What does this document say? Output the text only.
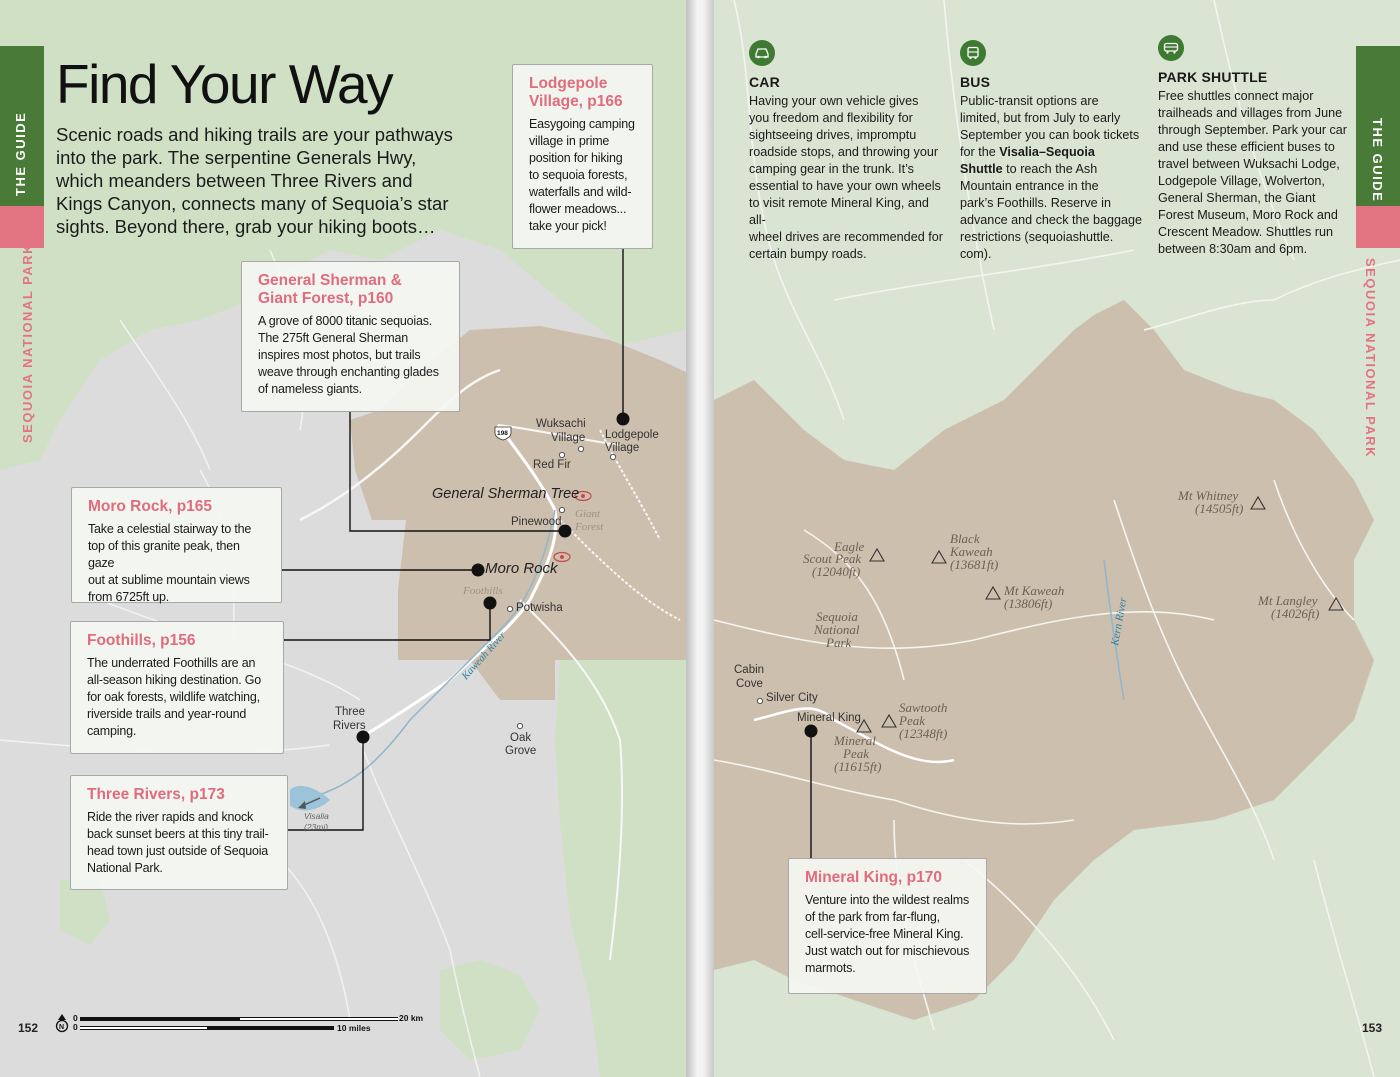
198
Wuksachi
Village Lodgepole
Village
Red Fir
Pinewood
Potwisha
Three
Rivers
Oak
Grove
General Sherman Tree
Moro Rock
Giant
Forest
Foothills
Kaweah River
Visalia
(23mi)
N
THE GUIDE
SEQUOIA NATIONAL PARK
Find Your Way
Scenic roads and hiking trails are your pathways
into the park. The serpentine Generals Hwy,
which meanders between Three Rivers and
Kings Canyon, connects many of Sequoia’s star
sights. Beyond there, grab your hiking boots…
Lodgepole
Village, p166
Easygoing camping
village in prime
position for hiking
to sequoia forests,
waterfalls and wild-
flower meadows...
take your pick!
General Sherman &
Giant Forest, p160
A grove of 8000 titanic sequoias.
The 275ft General Sherman
inspires most photos, but trails
weave through enchanting glades
of nameless giants.
Moro Rock, p165
Take a celestial stairway to the
top of this granite peak, then gaze
out at sublime mountain views
from 6725ft up.
Foothills, p156
The underrated Foothills are an
all-season hiking destination. Go
for oak forests, wildlife watching,
riverside trails and year-round
camping.
Three Rivers, p173
Ride the river rapids and knock
back sunset beers at this tiny trail-
head town just outside of Sequoia
National Park.
0
0
20 km
10 miles
152
Eagle
Scout Peak
(12040ft)
Black
Kaweah
(13681ft)
Mt Kaweah
(13806ft)
Mt Whitney
(14505ft)
Mt Langley
(14026ft)
Sequoia
National
Park
Sawtooth
Peak
(12348ft)
Mineral
Peak
(11615ft)
Kern River
Cabin
Cove
Silver City
Mineral King
THE GUIDE
SEQUOIA NATIONAL PARK
CAR
Having your own vehicle gives
you freedom and flexibility for
sightseeing drives, impromptu
roadside stops, and throwing your
camping gear in the trunk. It’s
essential to have your own wheels
to visit remote Mineral King, and all-
wheel drives are recommended for
certain bumpy roads.
BUS
Public-transit options are
limited, but from July to early
September you can book tickets
for the Visalia–Sequoia
Shuttle to reach the Ash
Mountain entrance in the
park’s Foothills. Reserve in
advance and check the baggage
restrictions (sequoiashuttle.
com).
PARK SHUTTLE
Free shuttles connect major
trailheads and villages from June
through September. Park your car
and use these efficient buses to
travel between Wuksachi Lodge,
Lodgepole Village, Wolverton,
General Sherman, the Giant
Forest Museum, Moro Rock and
Crescent Meadow. Shuttles run
between 8:30am and 6pm.
Mineral King, p170
Venture into the wildest realms
of the park from far-flung,
cell-service-free Mineral King.
Just watch out for mischievous
marmots.
153
